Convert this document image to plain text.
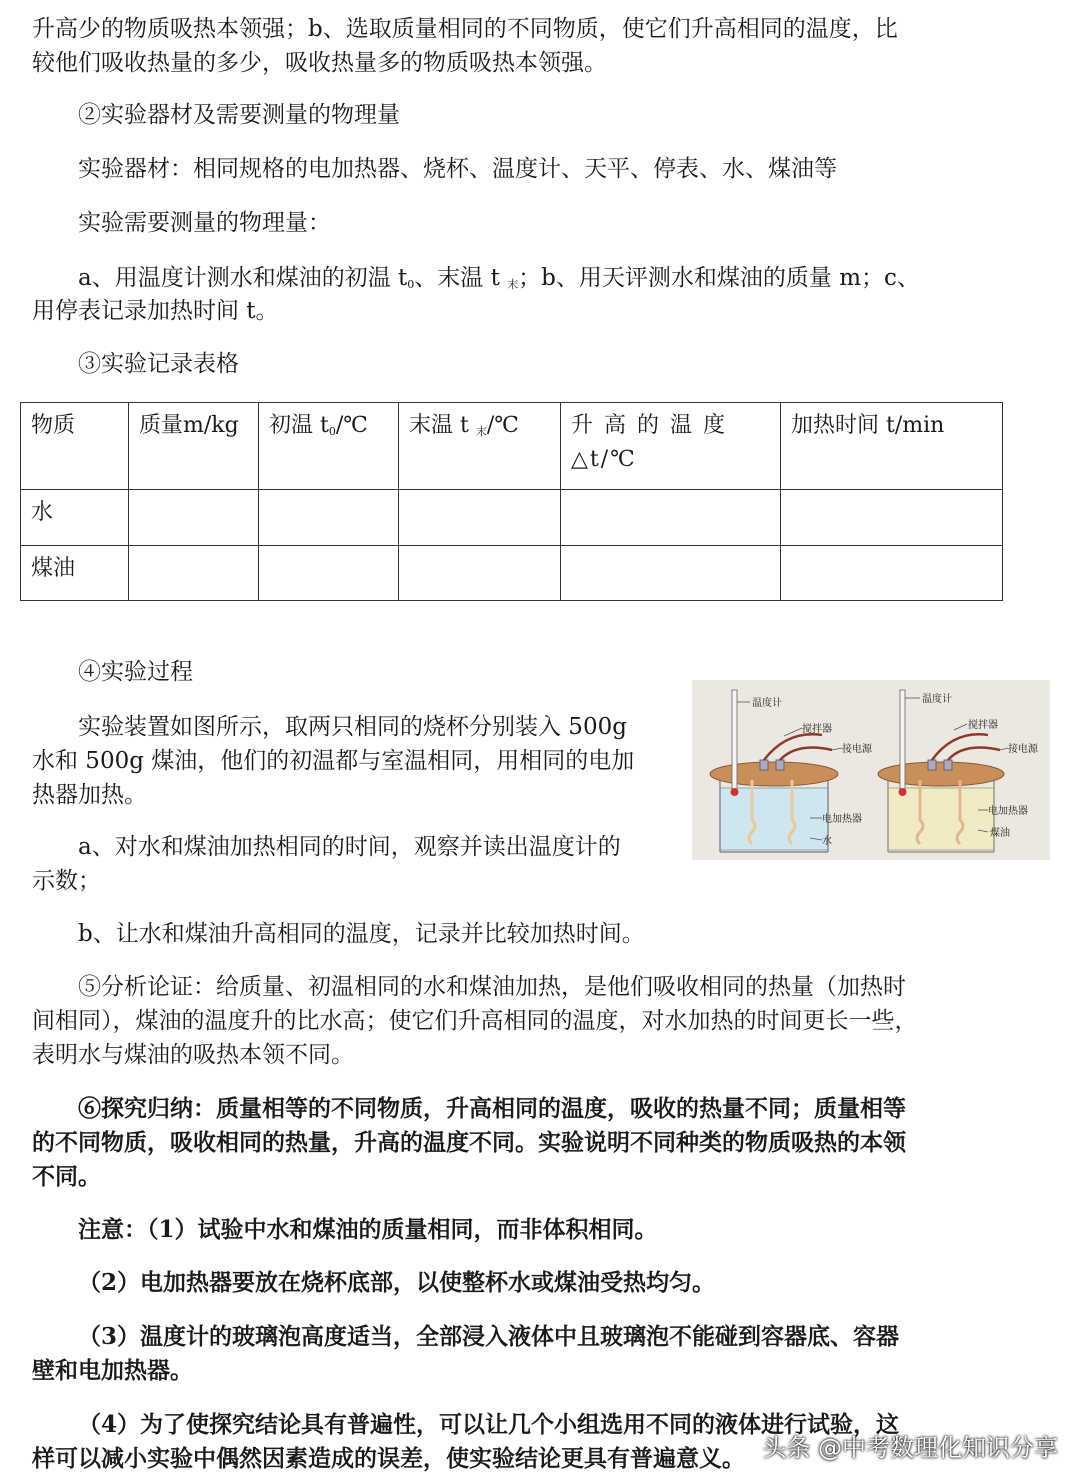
升高少的物质吸热本领强；b、选取质量相同的不同物质，使它们升高相同的温度，比

较他们吸收热量的多少，吸收热量多的物质吸热本领强。

②实验器材及需要测量的物理量

实验器材：相同规格的电加热器、烧杯、温度计、天平、停表、水、煤油等

实验需要测量的物理量：

a、用温度计测水和煤油的初温 $t_0$、末温 t $_末$；b、用天评测水和煤油的质量 m；c、

用停表记录加热时间 t。

③实验记录表格

物质	质量m/kg	初温 $t_0/℃$	末温 t $_末$/℃	升 高 的 温 度 △t/℃	加热时间 t/min
水					
煤油					

④实验过程

实验装置如图所示，取两只相同的烧杯分别装入 500g

水和 500g 煤油，他们的初温都与室温相同，用相同的电加

热器加热。

a、对水和煤油加热相同的时间，观察并读出温度计的

示数；

b、让水和煤油升高相同的温度，记录并比较加热时间。

温度计
搅拌器
接电源
电加热器
水
温度计
搅拌器
接电源
电加热器
煤油

⑤分析论证：给质量、初温相同的水和煤油加热，是他们吸收相同的热量（加热时

间相同），煤油的温度升的比水高；使它们升高相同的温度，对水加热的时间更长一些，

表明水与煤油的吸热本领不同。

⑥探究归纳：质量相等的不同物质，升高相同的温度，吸收的热量不同；质量相等

的不同物质，吸收相同的热量，升高的温度不同。实验说明不同种类的物质吸热的本领

不同。

注意：（1）试验中水和煤油的质量相同，而非体积相同。

（2）电加热器要放在烧杯底部，以使整杯水或煤油受热均匀。

（3）温度计的玻璃泡高度适当，全部浸入液体中且玻璃泡不能碰到容器底、容器

壁和电加热器。

（4）为了使探究结论具有普遍性，可以让几个小组选用不同的液体进行试验，这

样可以减小实验中偶然因素造成的误差，使实验结论更具有普遍意义。 头条 @中考数理化知识分享
